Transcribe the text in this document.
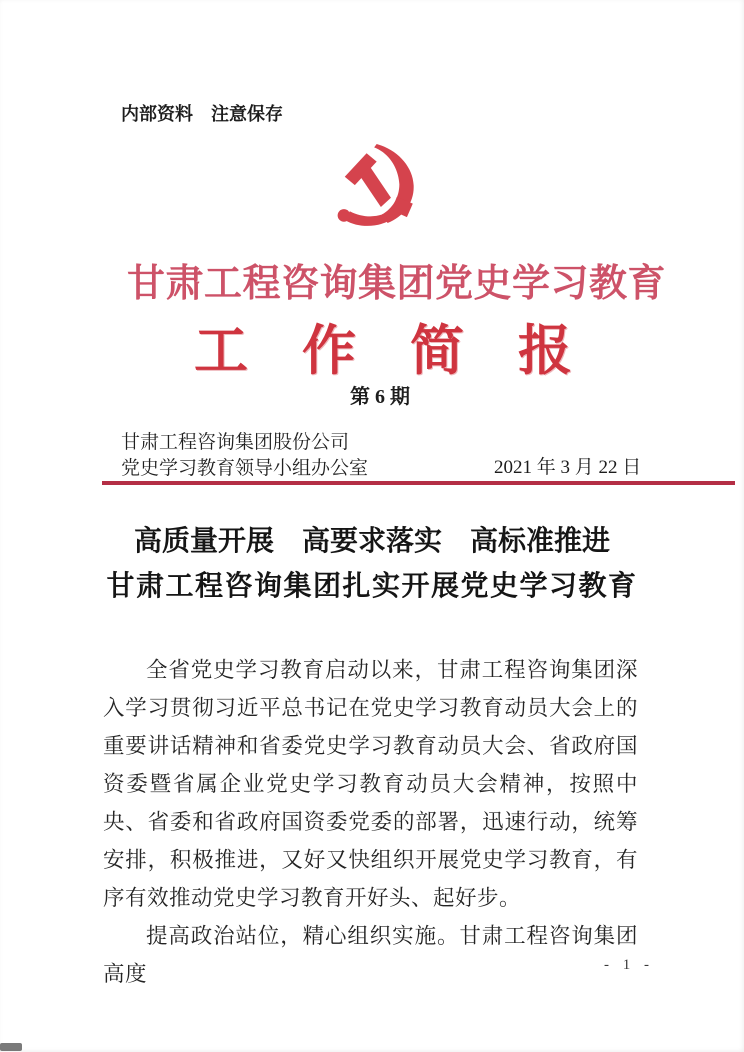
内部资料　注意保存
甘肃工程咨询集团党史学习教育
工　作　简　报
第 6 期
甘肃工程咨询集团股份公司
党史学习教育领导小组办公室	2021 年 3 月 22 日
高质量开展　高要求落实　高标准推进
甘肃工程咨询集团扎实开展党史学习教育

全省党史学习教育启动以来，甘肃工程咨询集团深入学习贯彻习近平总书记在党史学习教育动员大会上的重要讲话精神和省委党史学习教育动员大会、省政府国资委暨省属企业党史学习教育动员大会精神，按照中央、省委和省政府国资委党委的部署，迅速行动，统筹安排，积极推进，又好又快组织开展党史学习教育，有序有效推动党史学习教育开好头、起好步。

提高政治站位，精心组织实施。甘肃工程咨询集团高度	- 1 -
